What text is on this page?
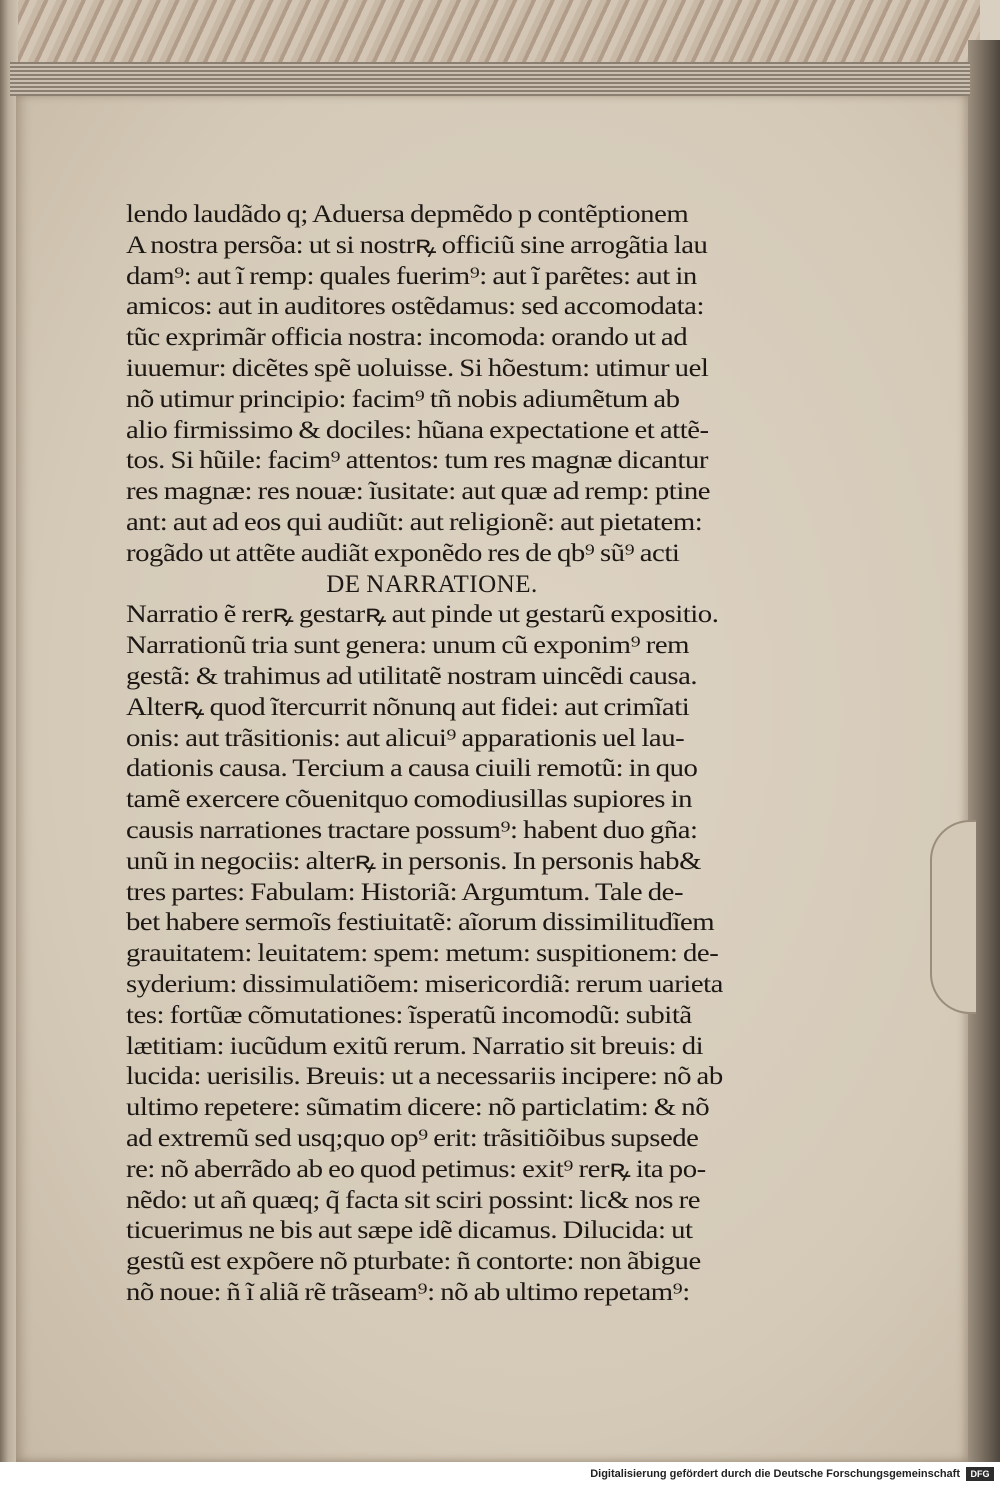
lendo laudãdo q; Aduersa depmẽdo p contẽptionem
A nostra persõa: ut si nostrꝶ officiũ sine arrogãtia lau
dam⁹: aut ĩ remp: quales fuerim⁹: aut ĩ parẽtes: aut in
amicos: aut in auditores ostẽdamus: sed accomodata:
tũc exprimãr officia nostra: incomoda: orando ut ad
iuuemur: dicẽtes spẽ uoluisse. Si hõestum: utimur uel
nõ utimur principio: facim⁹ tñ nobis adiumẽtum ab
alio firmissimo & dociles: hũana expectatione et attẽ-
tos. Si hũile: facim⁹ attentos: tum res magnæ dicantur
res magnæ: res nouæ: ĩusitate: aut quæ ad remp: ptine
ant: aut ad eos qui audiũt: aut religionẽ: aut pietatem:
rogãdo ut attẽte audiãt exponẽdo res de qb⁹ sũ⁹ acti
DE NARRATIONE.
Narratio ẽ rerꝶ gestarꝶ aut pinde ut gestarũ expositio.
Narrationũ tria sunt genera: unum cũ exponim⁹ rem
gestã: & trahimus ad utilitatẽ nostram uincẽdi causa.
Alterꝶ quod ĩtercurrit nõnunq aut fidei: aut crimĩati
onis: aut trãsitionis: aut alicui⁹ apparationis uel lau-
dationis causa. Tercium a causa ciuili remotũ: in quo
tamẽ exercere cõuenitquo comodiusillas supiores in
causis narrationes tractare possum⁹: habent duo gña:
unũ in negociis: alterꝶ in personis. In personis hab&
tres partes: Fabulam: Historiã: Argumtum. Tale de-
bet habere sermoĩs festiuitatẽ: aĩorum dissimilitudĩem
grauitatem: leuitatem: spem: metum: suspitionem: de-
syderium: dissimulatiõem: misericordiã: rerum uarieta
tes: fortũæ cõmutationes: ĩsperatũ incomodũ: subitã
lætitiam: iucũdum exitũ rerum. Narratio sit breuis: di
lucida: uerisilis. Breuis: ut a necessariis incipere: nõ ab
ultimo repetere: sũmatim dicere: nõ particlatim: & nõ
ad extremũ sed usq;quo op⁹ erit: trãsitiõibus supsede
re: nõ aberrãdo ab eo quod petimus: exit⁹ rerꝶ ita po-
nẽdo: ut añ quæq; q̃ facta sit sciri possint: lic& nos re
ticuerimus ne bis aut sæpe idẽ dicamus. Dilucida: ut
gestũ est expõere nõ pturbate: ñ contorte: non ãbigue
nõ noue: ñ ĩ aliã rẽ trãseam⁹: nõ ab ultimo repetam⁹:
Digitalisierung gefördert durch die Deutsche Forschungsgemeinschaft	DFG
